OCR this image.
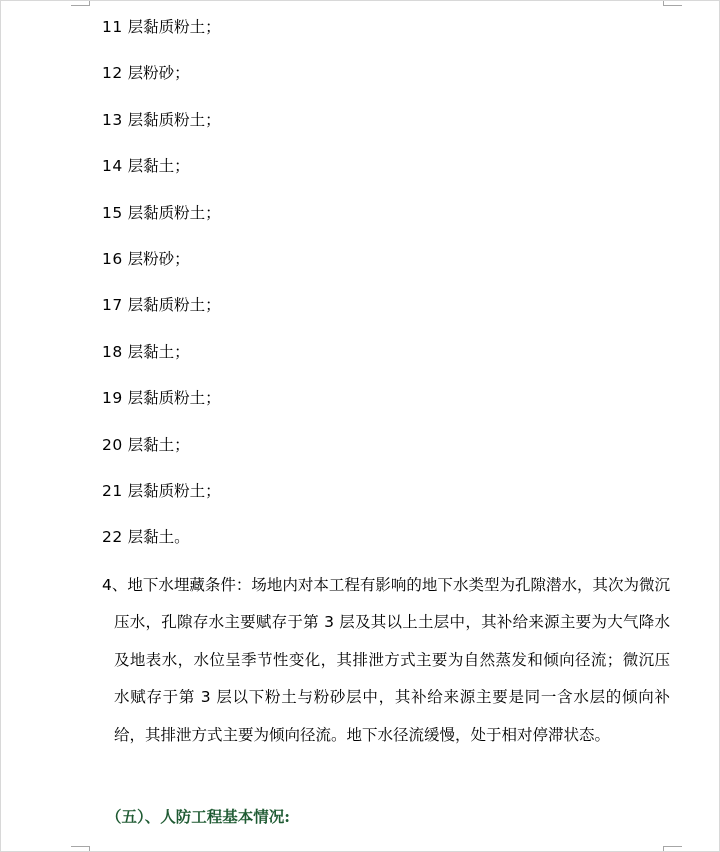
11 层黏质粉土；
12 层粉砂；
13 层黏质粉土；
14 层黏土；
15 层黏质粉土；
16 层粉砂；
17 层黏质粉土；
18 层黏土；
19 层黏质粉土；
20 层黏土；
21 层黏质粉土；
22 层黏土。
4、地下水埋藏条件：场地内对本工程有影响的地下水类型为孔隙潜水，其次为微沉压水，孔隙存水主要赋存于第 3 层及其以上土层中，其补给来源主要为大气降水及地表水，水位呈季节性变化，其排泄方式主要为自然蒸发和倾向径流；微沉压水赋存于第 3 层以下粉土与粉砂层中，其补给来源主要是同一含水层的倾向补给，其排泄方式主要为倾向径流。地下水径流缓慢，处于相对停滞状态。
（五）、人防工程基本情况:
